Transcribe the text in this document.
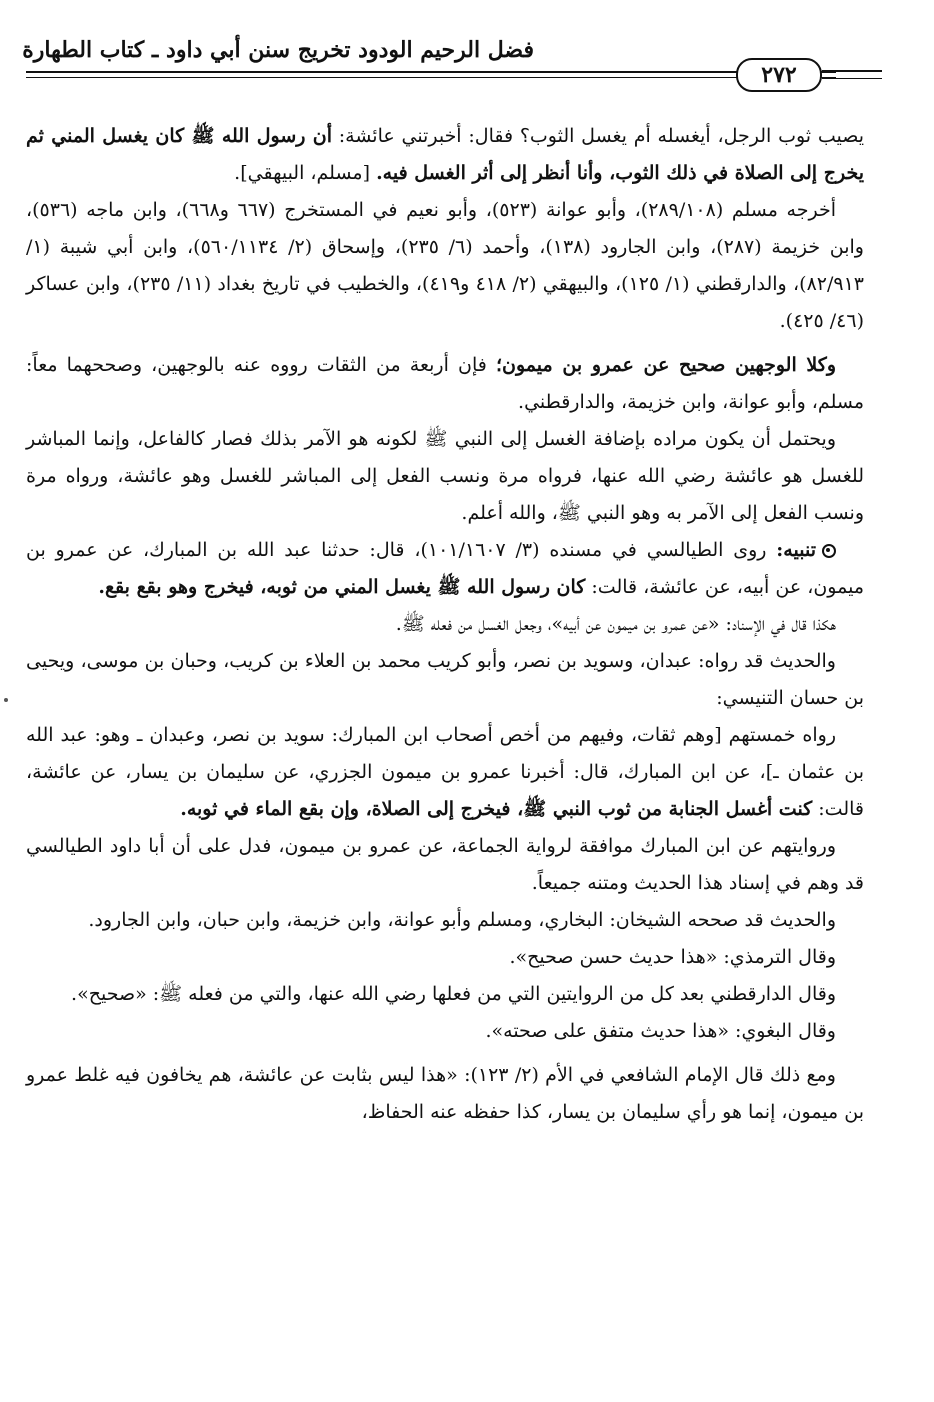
فضل الرحيم الودود تخريج سنن أبي داود ـ كتاب الطهارة
٢٧٢

يصيب ثوب الرجل، أيغسله أم يغسل الثوب؟ فقال: أخبرتني عائشة: أن رسول الله ﷺ كان يغسل المني ثم يخرج إلى الصلاة في ذلك الثوب، وأنا أنظر إلى أثر الغسل فيه. [مسلم، البيهقي].

أخرجه مسلم (٢٨٩/١٠٨)، وأبو عوانة (٥٢٣)، وأبو نعيم في المستخرج (٦٦٧ و٦٦٨)، وابن ماجه (٥٣٦)، وابن خزيمة (٢٨٧)، وابن الجارود (١٣٨)، وأحمد (٦/ ٢٣٥)، وإسحاق (٢/ ٥٦٠/١١٣٤)، وابن أبي شيبة (١/ ٨٢/٩١٣)، والدارقطني (١/ ١٢٥)، والبيهقي (٢/ ٤١٨ و٤١٩)، والخطيب في تاريخ بغداد (١١/ ٢٣٥)، وابن عساكر (٤٦/ ٤٢٥).

وكلا الوجهين صحيح عن عمرو بن ميمون؛ فإن أربعة من الثقات رووه عنه بالوجهين، وصححهما معاً: مسلم، وأبو عوانة، وابن خزيمة، والدارقطني.

ويحتمل أن يكون مراده بإضافة الغسل إلى النبي ﷺ لكونه هو الآمر بذلك فصار كالفاعل، وإنما المباشر للغسل هو عائشة رضي الله عنها، فرواه مرة ونسب الفعل إلى المباشر للغسل وهو عائشة، ورواه مرة ونسب الفعل إلى الآمر به وهو النبي ﷺ، والله أعلم.

تنبيه: روى الطيالسي في مسنده (٣/ ١٠١/١٦٠٧)، قال: حدثنا عبد الله بن المبارك، عن عمرو بن ميمون، عن أبيه، عن عائشة، قالت: كان رسول الله ﷺ يغسل المني من ثوبه، فيخرج وهو بقع بقع.

هكذا قال في الإسناد: «عن عمرو بن ميمون عن أبيه»، وجعل الغسل من فعله ﷺ.

والحديث قد رواه: عبدان، وسويد بن نصر، وأبو كريب محمد بن العلاء بن كريب، وحبان بن موسى، ويحيى بن حسان التنيسي:

رواه خمستهم [وهم ثقات، وفيهم من أخص أصحاب ابن المبارك: سويد بن نصر، وعبدان ـ وهو: عبد الله بن عثمان ـ]، عن ابن المبارك، قال: أخبرنا عمرو بن ميمون الجزري، عن سليمان بن يسار، عن عائشة، قالت: كنت أغسل الجنابة من ثوب النبي ﷺ، فيخرج إلى الصلاة، وإن بقع الماء في ثوبه.

وروايتهم عن ابن المبارك موافقة لرواية الجماعة، عن عمرو بن ميمون، فدل على أن أبا داود الطيالسي قد وهم في إسناد هذا الحديث ومتنه جميعاً.

والحديث قد صححه الشيخان: البخاري، ومسلم وأبو عوانة، وابن خزيمة، وابن حبان، وابن الجارود.

وقال الترمذي: «هذا حديث حسن صحيح».

وقال الدارقطني بعد كل من الروايتين التي من فعلها رضي الله عنها، والتي من فعله ﷺ: «صحيح».

وقال البغوي: «هذا حديث متفق على صحته».

ومع ذلك قال الإمام الشافعي في الأم (٢/ ١٢٣): «هذا ليس بثابت عن عائشة، هم يخافون فيه غلط عمرو بن ميمون، إنما هو رأي سليمان بن يسار، كذا حفظه عنه الحفاظ،
